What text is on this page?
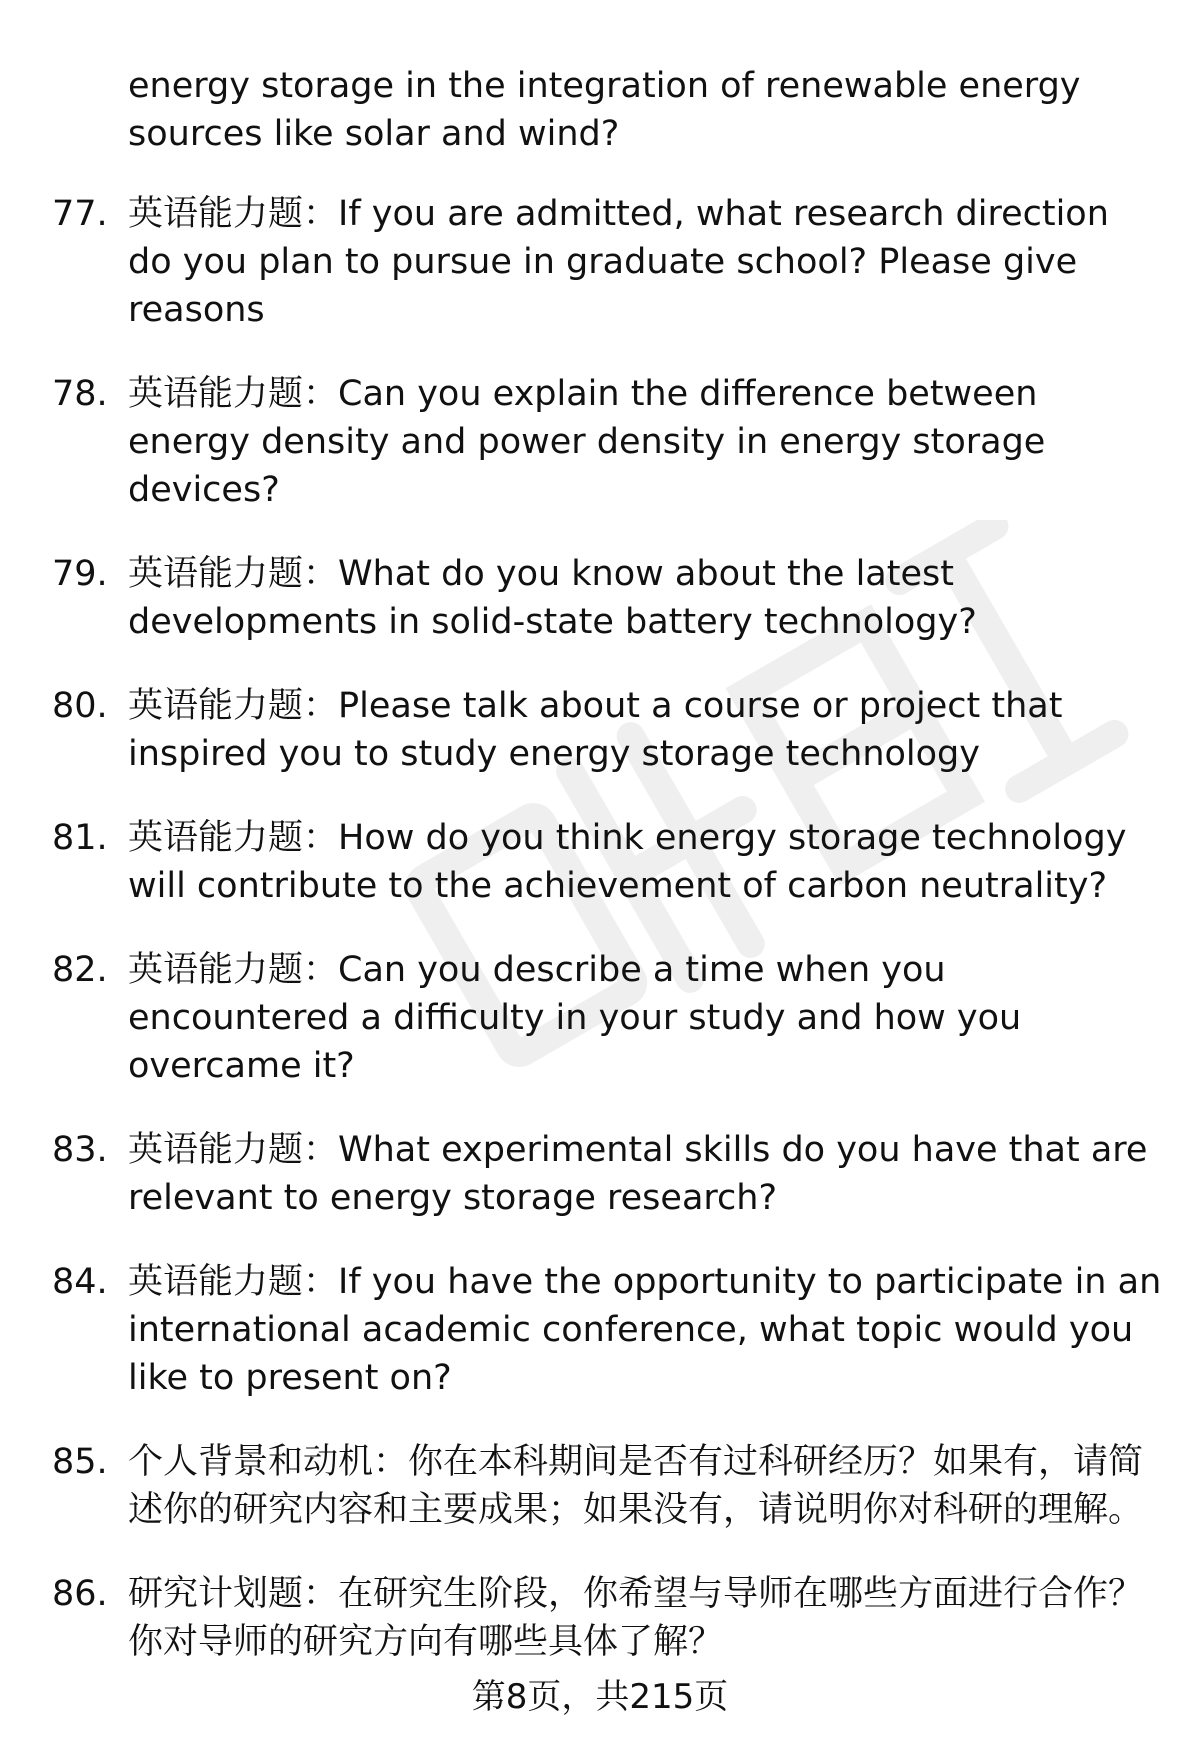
energy storage in the integration of renewable energy sources like solar and wind?
77. 英语能力题：If you are admitted, what research direction do you plan to pursue in graduate school? Please give reasons
78. 英语能力题：Can you explain the difference between energy density and power density in energy storage devices?
79. 英语能力题：What do you know about the latest developments in solid-state battery technology?
80. 英语能力题：Please talk about a course or project that inspired you to study energy storage technology
81. 英语能力题：How do you think energy storage technology will contribute to the achievement of carbon neutrality?
82. 英语能力题：Can you describe a time when you encountered a difficulty in your study and how you overcame it?
83. 英语能力题：What experimental skills do you have that are relevant to energy storage research?
84. 英语能力题：If you have the opportunity to participate in an international academic conference, what topic would you like to present on?
85. 个人背景和动机：你在本科期间是否有过科研经历？如果有，请简述你的研究内容和主要成果；如果没有，请说明你对科研的理解。
86. 研究计划题：在研究生阶段，你希望与导师在哪些方面进行合作？你对导师的研究方向有哪些具体了解？
第8页，共215页
